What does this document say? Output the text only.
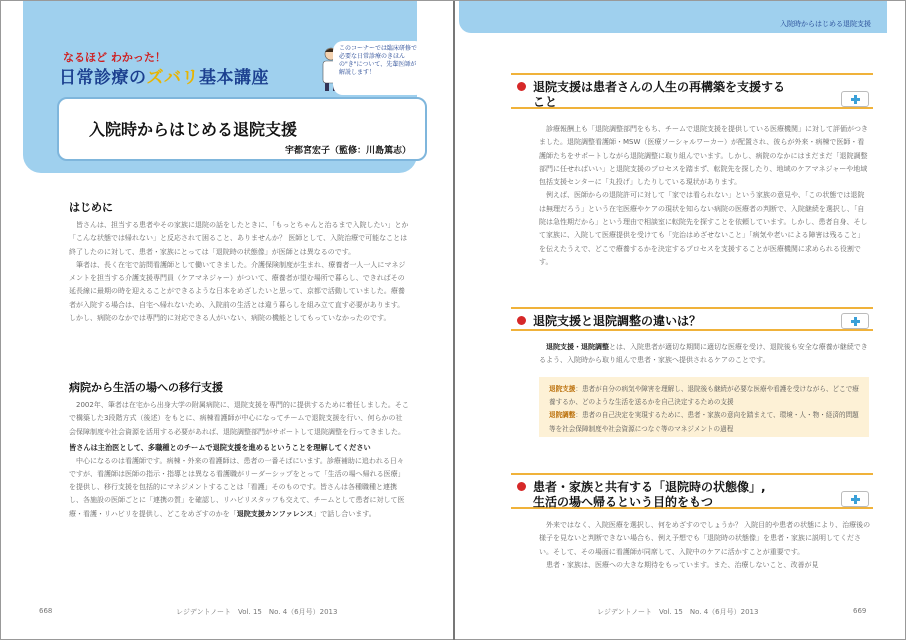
なるほど わかった！
日常診療のズバリ基本講座
このコーナーでは臨床研修で必要な日常診療のきほんの"き"について、先輩医師が解説します！
入院時からはじめる退院支援
宇都宮宏子（監修：川島篤志）
はじめに

皆さんは、担当する患者やその家族に退院の話をしたときに、「もっとちゃんと治るまで入院したい」とか「こんな状態では帰れない」と反応されて困ること、ありませんか？ 医師として、入院治療で可能なことは終了したのに対して、患者・家族にとっては「退院時の状態像」が医師とは異なるのです。

筆者は、長く在宅で訪問看護師として働いてきました。介護保険制度が生まれ、療養者一人一人にマネジメントを担当する介護支援専門員（ケアマネジャー）がついて、療養者が望む場所で暮らし、できればその延長線に最期の時を迎えることができるような日本をめざしたいと思って、京都で活動していました。療養者が入院する場合は、自宅へ帰れないため、入院前の生活とは違う暮らしを組み立て直す必要があります。しかし、病院のなかでは専門的に対応できる人がいない、病院の機能としてもっていなかったのです。

病院から生活の場への移行支援

2002年、筆者は在宅から出身大学の附属病院に、退院支援を専門的に提供するために着任しました。そこで構築した3段階方式（後述）をもとに、病棟看護師が中心になってチームで退院支援を行い、何らかの社会保障制度や社会資源を活用する必要があれば、退院調整部門がサポートして退院調整を行ってきました。

皆さんは主治医として、多職種とのチームで退院支援を進めるということを理解してください

中心になるのは看護師です。病棟・外来の看護師は、患者の一番そばにいます。診療補助に追われる日々ですが、看護師は医師の指示・指導とは異なる看護職がリーダーシップをとって「生活の場へ帰れる医療」を提供し、移行支援を包括的にマネジメントすることは「看護」そのものです。皆さんは各種職種と連携し、各施設の医師ごとに「連携の質」を確認し、リハビリスタッフも交えて、チームとして患者に対して医療・看護・リハビリを提供し、どこをめざすのかを「退院支援カンファレンス」で話し合います。

668	レジデントノート　Vol. 15　No. 4（6月号）2013
入院時からはじめる退院支援
退院支援は患者さんの人生の再構築を支援すること

診療報酬上も「退院調整部門をもち、チームで退院支援を提供している医療機関」に対して評価がつきました。退院調整看護師・MSW（医療ソーシャルワーカー）が配置され、彼らが外来・病棟で医師・看護師たちをサポートしながら退院調整に取り組んでいます。しかし、病院のなかにはまだまだ「退院調整部門に任せればいい」と退院支援のプロセスを踏まず、転院先を探したり、地域のケアマネジャーや地域包括支援センターに「丸投げ」したりしている現状があります。

例えば、医師からの退院許可に対して「家では看られない」という家族の意見や、「この状態では退院は無理だろう」という在宅医療やケアの現状を知らない病院の医療者の判断で、入院継続を選択し、「自院は急性期だから」という理由で相談室に転院先を探すことを依頼しています。しかし、患者自身、そして家族に、入院して医療提供を受けても「完治はめざせないこと」「病気や老いによる障害は残ること」を伝えたうえで、どこで療養するかを決定するプロセスを支援することが医療機関に求められる役割です。

退院支援と退院調整の違いは？

退院支援・退院調整とは、入院患者が適切な期間に適切な医療を受け、退院後も安全な療養が継続できるよう、入院時から取り組んで患者・家族へ提供されるケアのことです。

退院支援：患者が自分の病気や障害を理解し、退院後も継続が必要な医療や看護を受けながら、どこで療養するか、どのような生活を送るかを自己決定するための支援
退院調整：患者の自己決定を実現するために、患者・家族の意向を踏まえて、環境・人・物・経済的問題等を社会保障制度や社会資源につなぐ等のマネジメントの過程
患者・家族と共有する「退院時の状態像」,
生活の場へ帰るという目的をもつ

外来ではなく、入院医療を選択し、何をめざすのでしょうか？ 入院目的や患者の状態により、治療後の様子を見ないと判断できない場合も、例え予想でも「退院時の状態像」を患者・家族に説明してください。そして、その場面に看護師が同席して、入院中のケアに活かすことが重要です。

患者・家族は、医療への大きな期待をもっています。また、治療しないこと、改善が見

レジデントノート　Vol. 15　No. 4（6月号）2013	669
